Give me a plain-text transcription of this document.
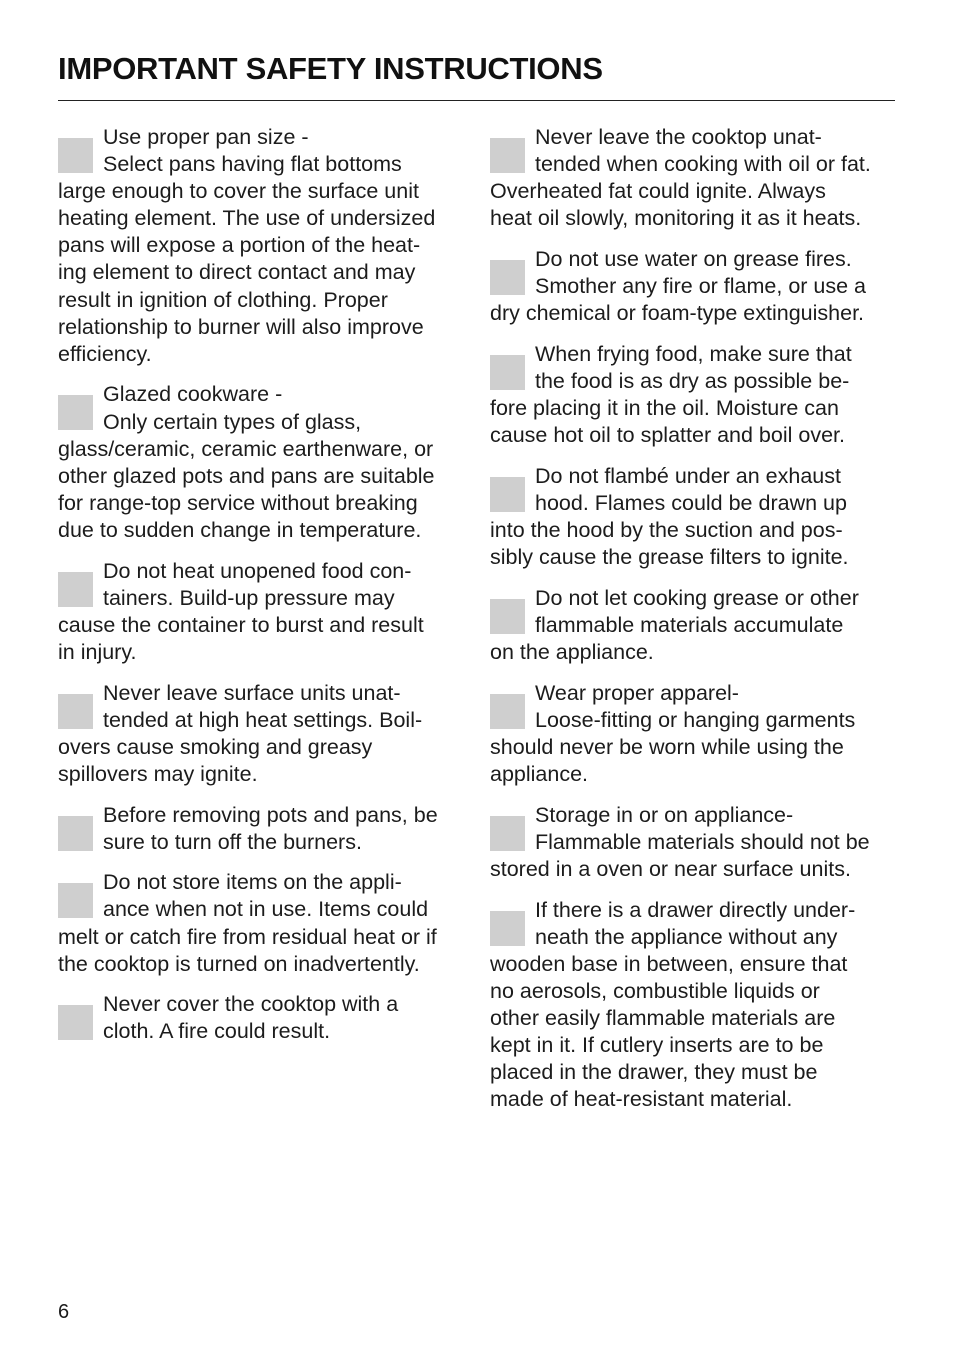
IMPORTANT SAFETY INSTRUCTIONS
Use proper pan size -
Select pans having flat bottoms
large enough to cover the surface unit
heating element. The use of undersized
pans will expose a portion of the heat-
ing element to direct contact and may
result in ignition of clothing. Proper
relationship to burner will also improve
efficiency.
Glazed cookware -
Only certain types of glass,
glass/ceramic, ceramic earthenware, or
other glazed pots and pans are suitable
for range-top service without breaking
due to sudden change in temperature.
Do not heat unopened food con-
tainers. Build-up pressure may
cause the container to burst and result
in injury.
Never leave surface units unat-
tended at high heat settings. Boil-
overs cause smoking and greasy
spillovers may ignite.
Before removing pots and pans, be
sure to turn off the burners.
Do not store items on the appli-
ance when not in use. Items could
melt or catch fire from residual heat or if
the cooktop is turned on inadvertently.
Never cover the cooktop with a
cloth. A fire could result.
Never leave the cooktop unat-
tended when cooking with oil or fat.
Overheated fat could ignite. Always
heat oil slowly, monitoring it as it heats.
Do not use water on grease fires.
Smother any fire or flame, or use a
dry chemical or foam-type extinguisher.
When frying food, make sure that
the food is as dry as possible be-
fore placing it in the oil. Moisture can
cause hot oil to splatter and boil over.
Do not flambé under an exhaust
hood. Flames could be drawn up
into the hood by the suction and pos-
sibly cause the grease filters to ignite.
Do not let cooking grease or other
flammable materials accumulate
on the appliance.
Wear proper apparel-
Loose-fitting or hanging garments
should never be worn while using the
appliance.
Storage in or on appliance-
Flammable materials should not be
stored in a oven or near surface units.
If there is a drawer directly under-
neath the appliance without any
wooden base in between, ensure that
no aerosols, combustible liquids or
other easily flammable materials are
kept in it. If cutlery inserts are to be
placed in the drawer, they must be
made of heat-resistant material.
6
